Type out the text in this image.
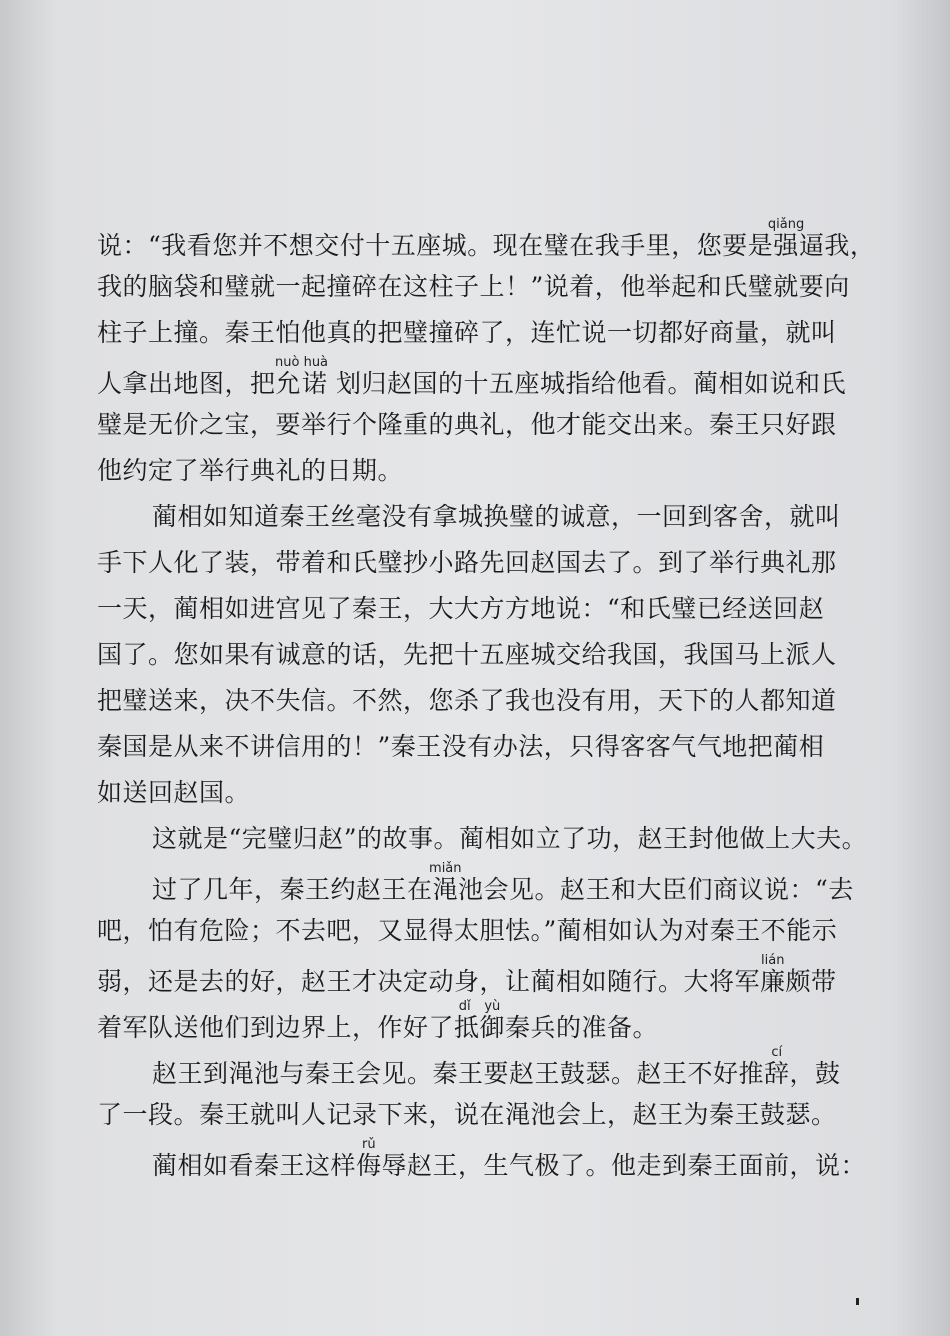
说：“我看您并不想交付十五座城。现在璧在我手里，您要是强qiǎng逼我，
我的脑袋和璧就一起撞碎在这柱子上！”说着，他举起和氏璧就要向
柱子上撞。秦王怕他真的把璧撞碎了，连忙说一切都好商量，就叫
人拿出地图，把允诺nuò huà 划归赵国的十五座城指给他看。蔺相如说和氏
璧是无价之宝，要举行个隆重的典礼，他才能交出来。秦王只好跟
他约定了举行典礼的日期。
蔺相如知道秦王丝毫没有拿城换璧的诚意，一回到客舍，就叫
手下人化了装，带着和氏璧抄小路先回赵国去了。到了举行典礼那
一天，蔺相如进宫见了秦王，大大方方地说：“和氏璧已经送回赵
国了。您如果有诚意的话，先把十五座城交给我国，我国马上派人
把璧送来，决不失信。不然，您杀了我也没有用，天下的人都知道
秦国是从来不讲信用的！”秦王没有办法，只得客客气气地把蔺相
如送回赵国。
这就是“完璧归赵”的故事。蔺相如立了功，赵王封他做上大夫。
过了几年，秦王约赵王在渑miǎn池会见。赵王和大臣们商议说：“去
吧，怕有危险；不去吧，又显得太胆怯。”蔺相如认为对秦王不能示
弱，还是去的好，赵王才决定动身，让蔺相如随行。大将军廉lián颇带
着军队送他们到边界上，作好了抵御dǐ yù秦兵的准备。
赵王到渑池与秦王会见。秦王要赵王鼓瑟。赵王不好推辞cí，鼓
了一段。秦王就叫人记录下来，说在渑池会上，赵王为秦王鼓瑟。
蔺相如看秦王这样侮rǔ辱赵王，生气极了。他走到秦王面前，说：
